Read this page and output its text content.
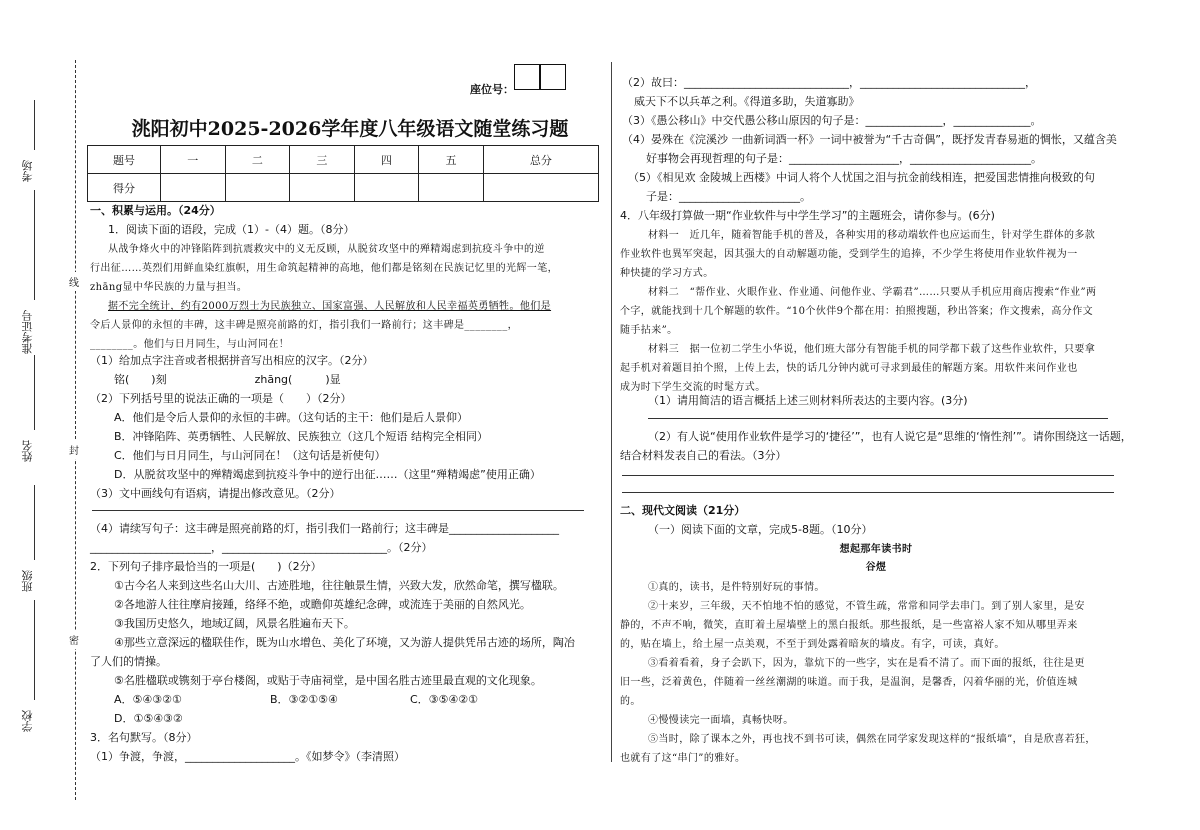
线
封
密
考场
准考证号
姓名
班级
学校
座位号：
洮阳初中2025-2026学年度八年级语文随堂练习题
题号	一	二	三	四	五	总分
得分						
一、积累与运用。（24分）
1．阅读下面的语段，完成（1）-（4）题。（8分）
从战争烽火中的冲锋陷阵到抗震救灾中的义无反顾，从脱贫攻坚中的殚精竭虑到抗疫斗争中的逆
行出征……英烈们用鲜血染红旗帜，用生命筑起精神的高地，他们都是铭刻在民族记忆里的光辉一笔，
zhāng显中华民族的力量与担当。
据不完全统计，约有2000万烈士为民族独立、国家富强、人民解放和人民幸福英勇牺牲。他们是
令后人景仰的永恒的丰碑，这丰碑是照亮前路的灯，指引我们一路前行；这丰碑是________，
________。他们与日月同生，与山河同在！
（1）给加点字注音或者根据拼音写出相应的汉字。（2分）
铭(　　)刻　　　　　　　　zhāng(　　　)显
（2）下列括号里的说法正确的一项是（　　）（2分）
A．他们是令后人景仰的永恒的丰碑。（这句话的主干：他们是后人景仰）
B．冲锋陷阵、英勇牺牲、人民解放、民族独立（这几个短语 结构完全相同）
C．他们与日月同生，与山河同在！（这句话是祈使句）
D．从脱贫攻坚中的殚精竭虑到抗疫斗争中的逆行出征……（这里“殚精竭虑”使用正确）
（3）文中画线句有语病，请提出修改意见。（2分）
（4）请续写句子：这丰碑是照亮前路的灯，指引我们一路前行；这丰碑是____________________
______________________，______________________________。（2分）
2．下列句子排序最恰当的一项是(　　)（2分）
①古今名人来到这些名山大川、古迹胜地，往往触景生情，兴致大发，欣然命笔，撰写楹联。
②各地游人往往摩肩接踵，络绎不绝，或瞻仰英雄纪念碑，或流连于美丽的自然风光。
③我国历史悠久，地域辽阔，风景名胜遍布天下。
④那些立意深远的楹联佳作，既为山水增色、美化了环境，又为游人提供凭吊古迹的场所，陶冶
了人们的情操。
⑤名胜楹联或镌刻于亭台楼阁，或贴于寺庙祠堂，是中国名胜古迹里最直观的文化现象。
A．⑤④③②①	B．③②①⑤④	C．③⑤④②①
D．①⑤④③②
3．名句默写。（8分）
（1）争渡，争渡，____________________。《如梦令》（李清照）
（2）故曰：______________________________，______________________________，
威天下不以兵革之利。《得道多助，失道寡助》
（3）《愚公移山》中交代愚公移山原因的句子是：______________，______________。
（4）晏殊在《浣溪沙 一曲新词酒一杯》一词中被誉为“千古奇偶”，既抒发青春易逝的惆怅，又蕴含美
好事物会再现哲理的句子是：____________________，______________________。
（5）《相见欢 金陵城上西楼》中词人将个人忧国之泪与抗金前线相连，把爱国悲情推向极致的句
子是：______________________。
4．八年级打算做一期“作业软件与中学生学习”的主题班会，请你参与。(6分)
材料一　近几年，随着智能手机的普及，各种实用的移动端软件也应运而生，针对学生群体的多款
作业软件也異军突起，因其强大的自动解题功能，受到学生的追捧，不少学生将使用作业软件视为一
种快捷的学习方式。
材料二　“帮作业、火眼作业、作业通、问他作业、学霸君”……只要从手机应用商店搜索“作业”两
个字，就能找到十几个解题的软件。“10个伙伴9个都在用：拍照搜题，秒出答案；作文搜索，高分作文
随手拈来”。
材料三　据一位初二学生小华说，他们班大部分有智能手机的同学都下载了这些作业软件，只要拿
起手机对着题目拍个照，上传上去，快的话几分钟内就可寻求到最佳的解题方案。用软件来问作业也
成为时下学生交流的时髦方式。
（1）请用简洁的语言概括上述三则材料所表达的主要内容。(3分)
（2）有人说“使用作业软件是学习的‘捷径’”，也有人说它是“思维的‘惰性剂’”。请你围绕这一话题，
结合材料发表自己的看法。（3分）
二、现代文阅读（21分）
（一）阅读下面的文章，完成5-8题。（10分）
想起那年读书时
谷煜
①真的，读书，是件特别好玩的事情。
②十来岁，三年级，天不怕地不怕的感觉，不管生疏，常常和同学去串门。到了别人家里，是安
静的，不声不响，微笑，直盯着土屋墙壁上的黑白报纸。那些报纸，是一些富裕人家不知从哪里弄来
的，贴在墙上，给土屋一点美观，不至于到处露着暗灰的墙皮。有字，可读，真好。
③看着看着，身子会趴下，因为，靠炕下的一些字，实在是看不清了。而下面的报纸，往往是更
旧一些，泛着黄色，伴随着一丝丝潮湖的味道。而于我，是温润，是馨香，闪着华丽的光，价值连城
的。
④慢慢读完一面墙，真畅快呀。
⑤当时，除了课本之外，再也找不到书可读，偶然在同学家发现这样的“报纸墙”，自是欣喜若狂，
也就有了这“串门”的雅好。
